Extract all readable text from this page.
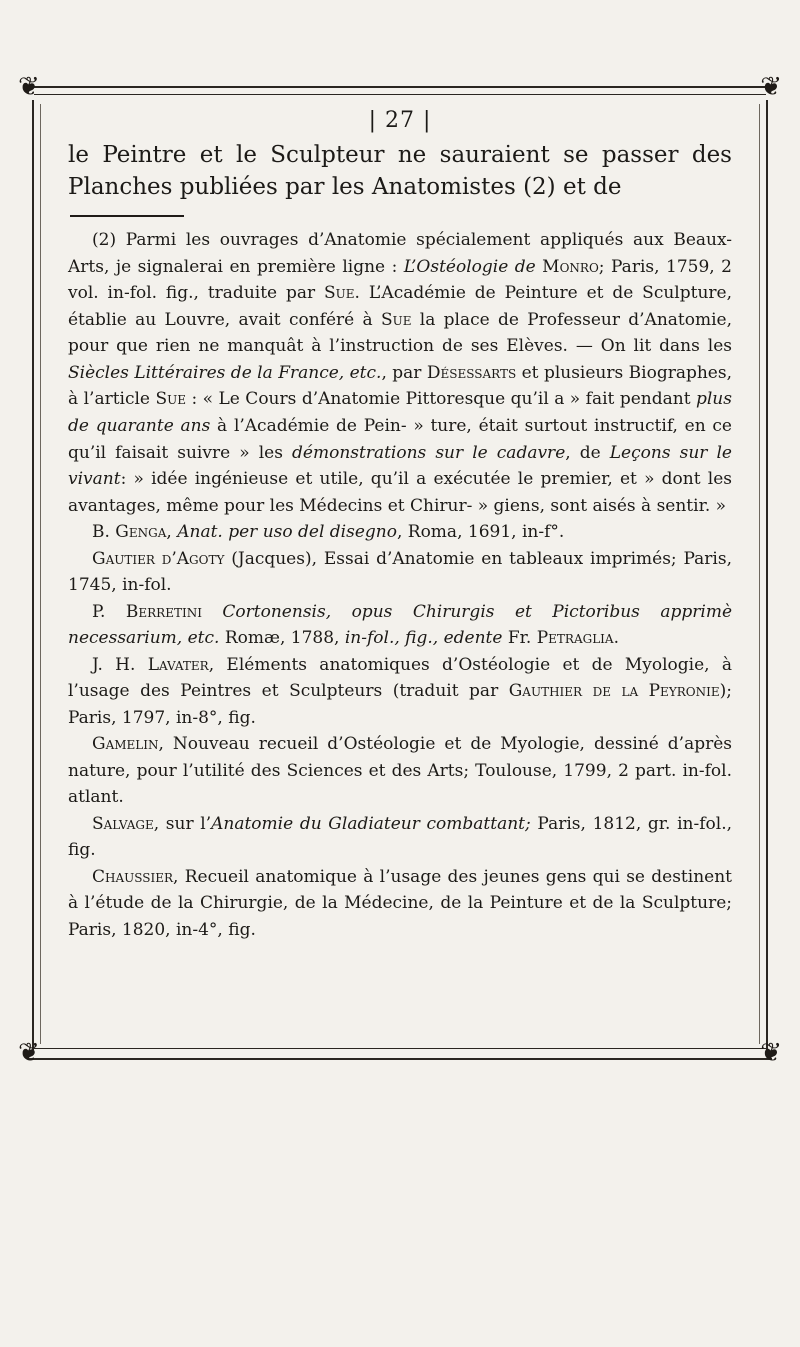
❦	❦
❦	❦
| 27 |

le Peintre et le Sculpteur ne sauraient se passer des Planches publiées par les Anatomistes (2) et de

(2) Parmi les ouvrages d’Anatomie spécialement appliqués aux Beaux-Arts, je signalerai en première ligne : L’Ostéologie de Monro; Paris, 1759, 2 vol. in-fol. fig., traduite par Sue. L’Académie de Peinture et de Sculpture, établie au Louvre, avait conféré à Sue la place de Professeur d’Anatomie, pour que rien ne manquât à l’instruction de ses Elèves. — On lit dans les Siècles Littéraires de la France, etc., par Désessarts et plusieurs Biographes, à l’article Sue : « Le Cours d’Anatomie Pittoresque qu’il a » fait pendant plus de quarante ans à l’Académie de Pein- » ture, était surtout instructif, en ce qu’il faisait suivre » les démonstrations sur le cadavre, de Leçons sur le vivant: » idée ingénieuse et utile, qu’il a exécutée le premier, et » dont les avantages, même pour les Médecins et Chirur- » giens, sont aisés à sentir. »

B. Genga, Anat. per uso del disegno, Roma, 1691, in-f°.

Gautier d’Agoty (Jacques), Essai d’Anatomie en tableaux imprimés; Paris, 1745, in-fol.

P. Berretini Cortonensis, opus Chirurgis et Pictoribus apprimè necessarium, etc. Romæ, 1788, in-fol., fig., edente Fr. Petraglia.

J. H. Lavater, Eléments anatomiques d’Ostéologie et de Myologie, à l’usage des Peintres et Sculpteurs (traduit par Gauthier de la Peyronie); Paris, 1797, in-8°, fig.

Gamelin, Nouveau recueil d’Ostéologie et de Myologie, dessiné d’après nature, pour l’utilité des Sciences et des Arts; Toulouse, 1799, 2 part. in-fol. atlant.

Salvage, sur l’Anatomie du Gladiateur combattant; Paris, 1812, gr. in-fol., fig.

Chaussier, Recueil anatomique à l’usage des jeunes gens qui se destinent à l’étude de la Chirurgie, de la Médecine, de la Peinture et de la Sculpture; Paris, 1820, in-4°, fig.
